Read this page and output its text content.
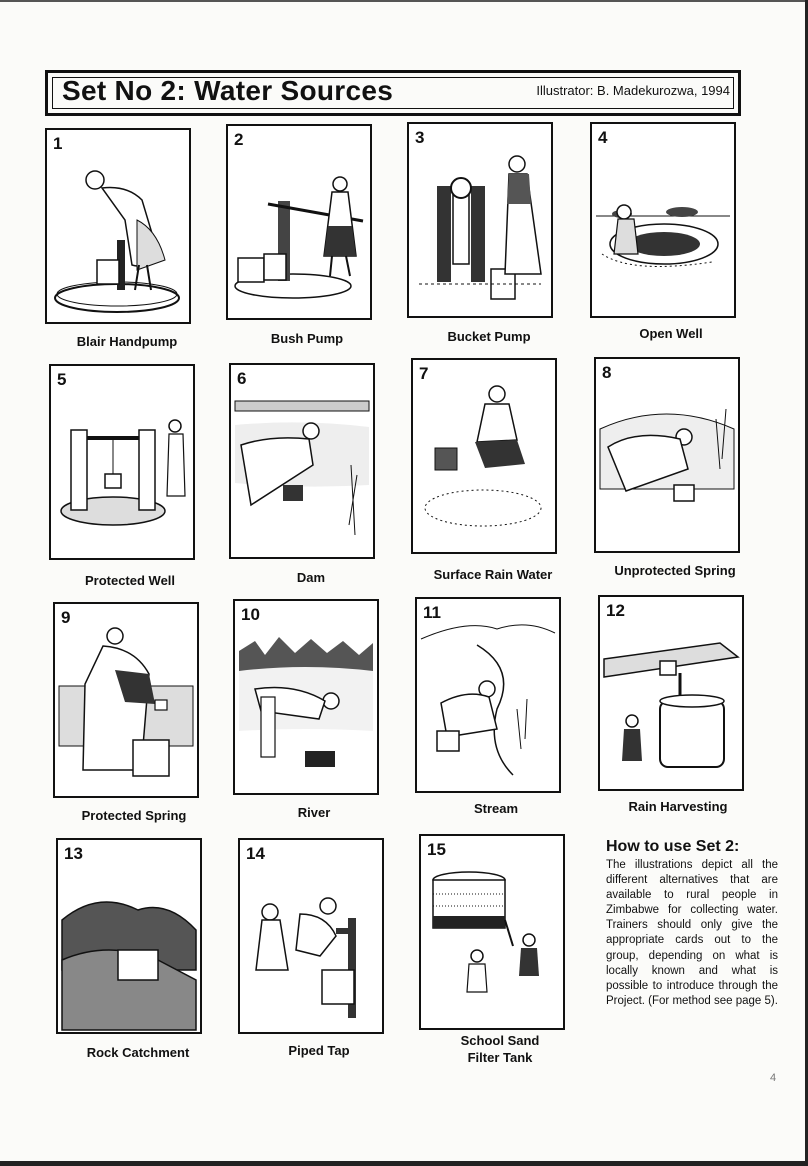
Set No 2: Water Sources	Illustrator: B. Madekurozwa, 1994
1
Blair Handpump
2
Bush Pump
3
Bucket Pump
4
Open Well
5
Protected Well
6
Dam
7
Surface Rain Water
8
Unprotected Spring
9
Protected Spring
10
River
11
Stream
12
Rain Harvesting
13
Rock Catchment
14
Piped Tap
15
School Sand
Filter Tank
How to use Set 2:

The illustrations depict all the different alternatives that are available to rural people in Zimbabwe for collecting water. Trainers should only give the appropriate cards out to the group, depending on what is locally known and what is possible to introduce through the Project. (For method see page 5).

4
